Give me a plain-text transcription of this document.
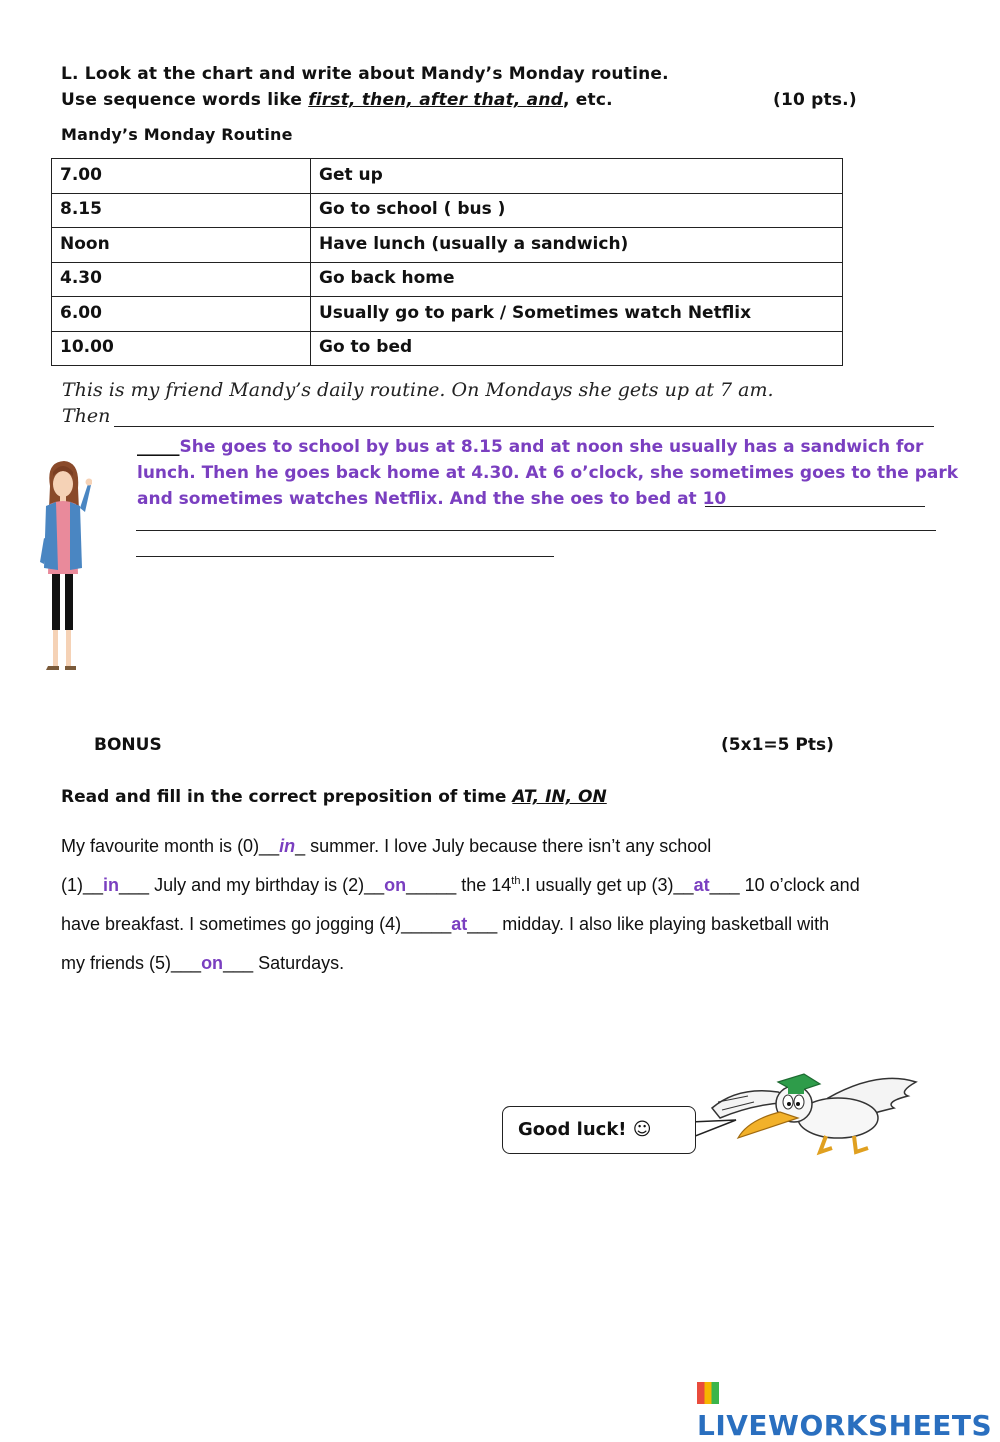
L. Look at the chart and write about Mandy’s Monday routine.
Use sequence words like first, then, after that, and, etc.	(10 pts.)
Mandy’s Monday Routine
7.00	Get up
8.15	Go to school ( bus )
Noon	Have lunch (usually a sandwich)
4.30	Go back home
6.00	Usually go to park / Sometimes watch Netflix
10.00	Go to bed
This is my friend Mandy’s daily routine. On Mondays she gets up at 7 am.
Then
_____She goes to school by bus at 8.15 and at noon she usually has a sandwich for
lunch. Then he goes back home at 4.30. At 6 o’clock, she sometimes goes to the park
and sometimes watches Netflix. And the she oes to bed at 10
BONUS	(5x1=5 Pts)
Read and fill in the correct preposition of time AT, IN, ON
My favourite month is (0)__in_ summer. I love July because there isn’t any school
(1)__in___ July and my birthday is (2)__on_____ the 14th.I usually get up (3)__at___ 10 o’clock and
have breakfast. I sometimes go jogging (4)_____at___ midday. I also like playing basketball with
my friends (5)___on___ Saturdays.
Good luck! ☺
LIVEWORKSHEETS
